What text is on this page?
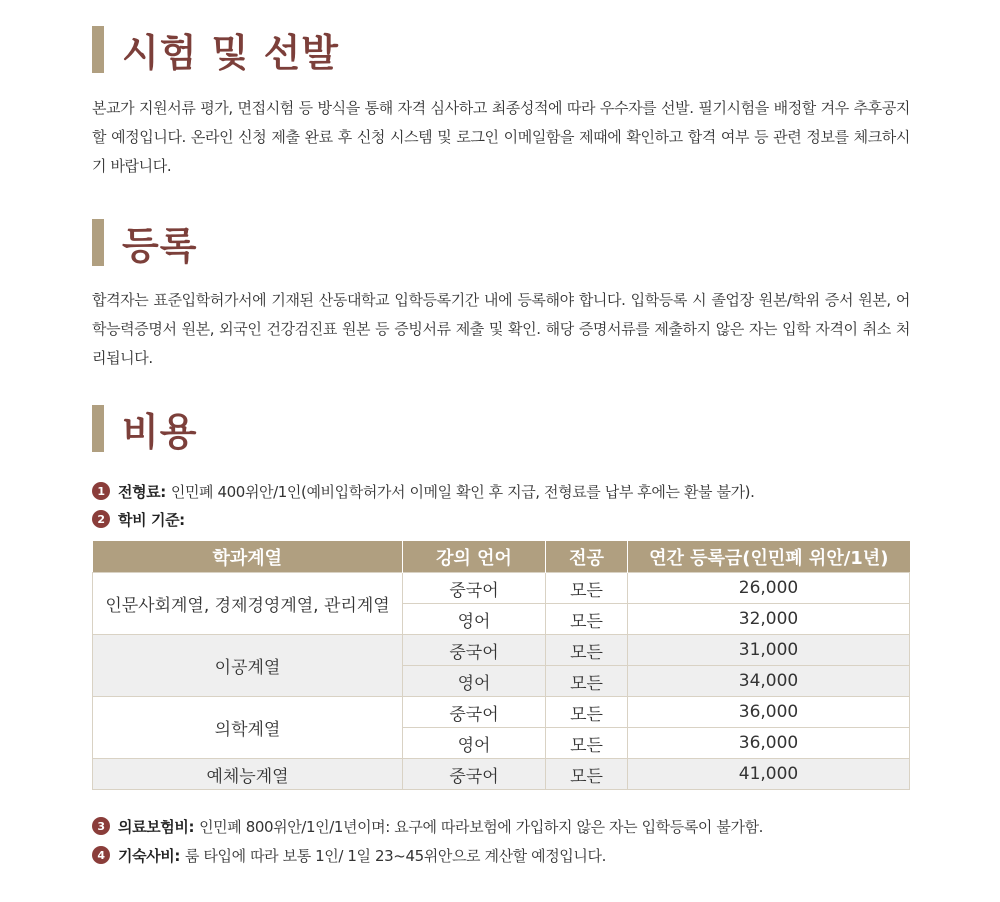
시험 및 선발

본교가 지원서류 평가, 면접시험 등 방식을 통해 자격 심사하고 최종성적에 따라 우수자를 선발. 필기시험을 배정할 겨우 추후공지 할 예정입니다. 온라인 신청 제출 완료 후 신청 시스템 및 로그인 이메일함을 제때에 확인하고 합격 여부 등 관련 정보를 체크하시기 바랍니다.

등록

합격자는 표준입학허가서에 기재된 산동대학교 입학등록기간 내에 등록해야 합니다. 입학등록 시 졸업장 원본/학위 증서 원본, 어학능력증명서 원본, 외국인 건강검진표 원본 등 증빙서류 제출 및 확인. 해당 증명서류를 제출하지 않은 자는 입학 자격이 취소 처리됩니다.

비용
1 전형료: 인민폐 400위안/1인(예비입학허가서 이메일 확인 후 지급, 전형료를 납부 후에는 환불 불가).
2 학비 기준:
학과계열	강의 언어	전공	연간 등록금(인민폐 위안/1년)
인문사회계열, 경제경영계열, 관리계열	중국어	모든	26,000
	영어	모든	32,000
이공계열	중국어	모든	31,000
	영어	모든	34,000
의학계열	중국어	모든	36,000
	영어	모든	36,000
예체능계열	중국어	모든	41,000
3 의료보험비: 인민폐 800위안/1인/1년이며: 요구에 따라보험에 가입하지 않은 자는 입학등록이 불가함.
4 기숙사비: 룸 타입에 따라 보통 1인/ 1일 23~45위안으로 계산할 예정입니다.
